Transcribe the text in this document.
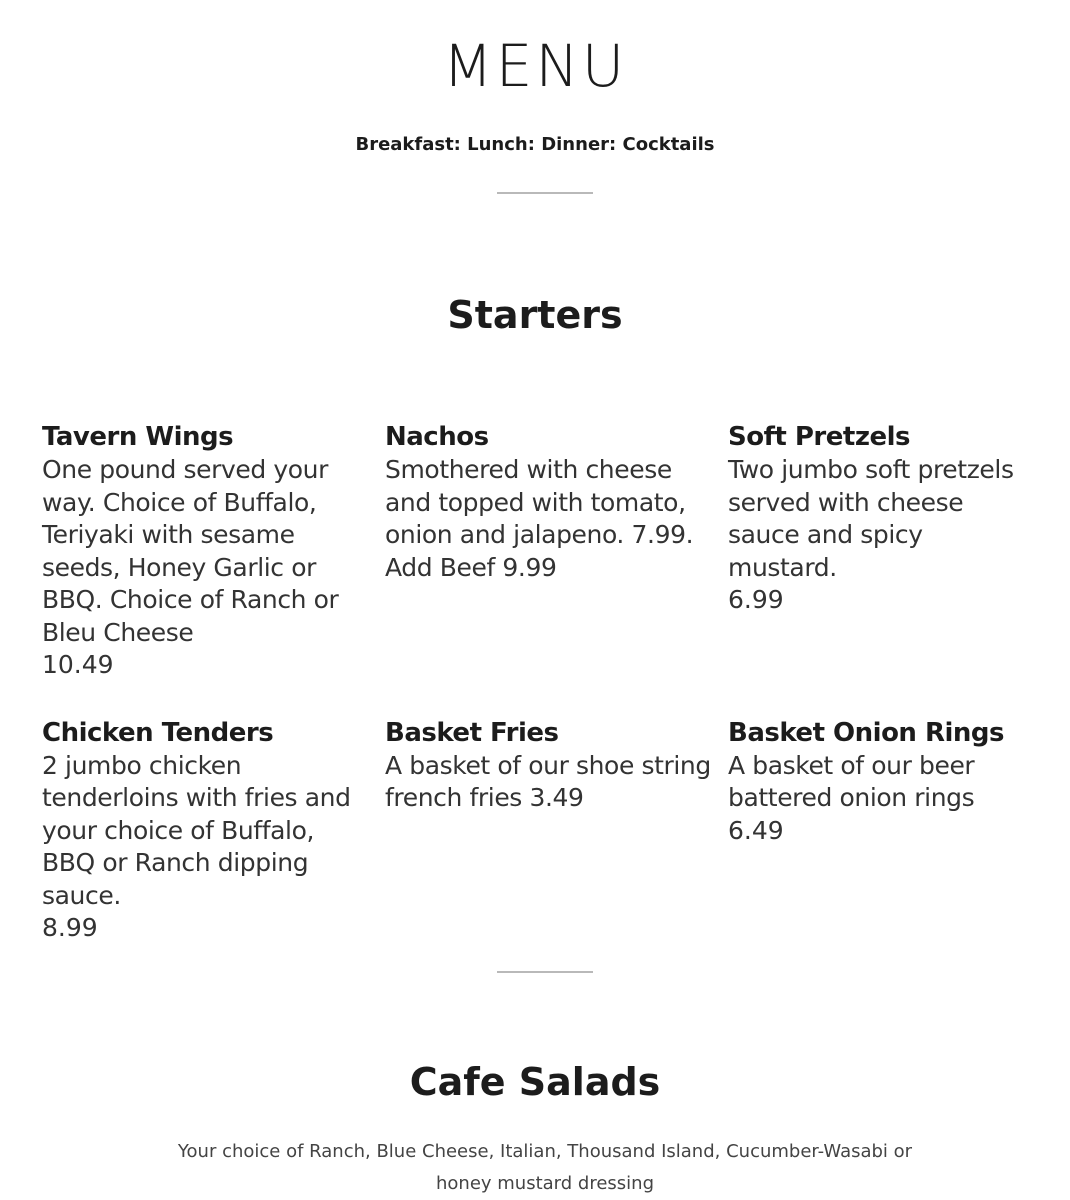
MENU
Breakfast: Lunch: Dinner: Cocktails
Starters
Tavern Wings
One pound served your way. Choice of Buffalo, Teriyaki with sesame seeds, Honey Garlic or BBQ. Choice of Ranch or Bleu Cheese
10.49
Nachos
Smothered with cheese and topped with tomato, onion and jalapeno. 7.99. Add Beef 9.99
Soft Pretzels
Two jumbo soft pretzels served with cheese sauce and spicy mustard.
6.99
Chicken Tenders
2 jumbo chicken tenderloins with fries and your choice of Buffalo, BBQ or Ranch dipping sauce.
8.99
Basket Fries
A basket of our shoe string french fries 3.49
Basket Onion Rings
A basket of our beer battered onion rings
6.49
Cafe Salads
Your choice of Ranch, Blue Cheese, Italian, Thousand Island, Cucumber-Wasabi or honey mustard dressing
